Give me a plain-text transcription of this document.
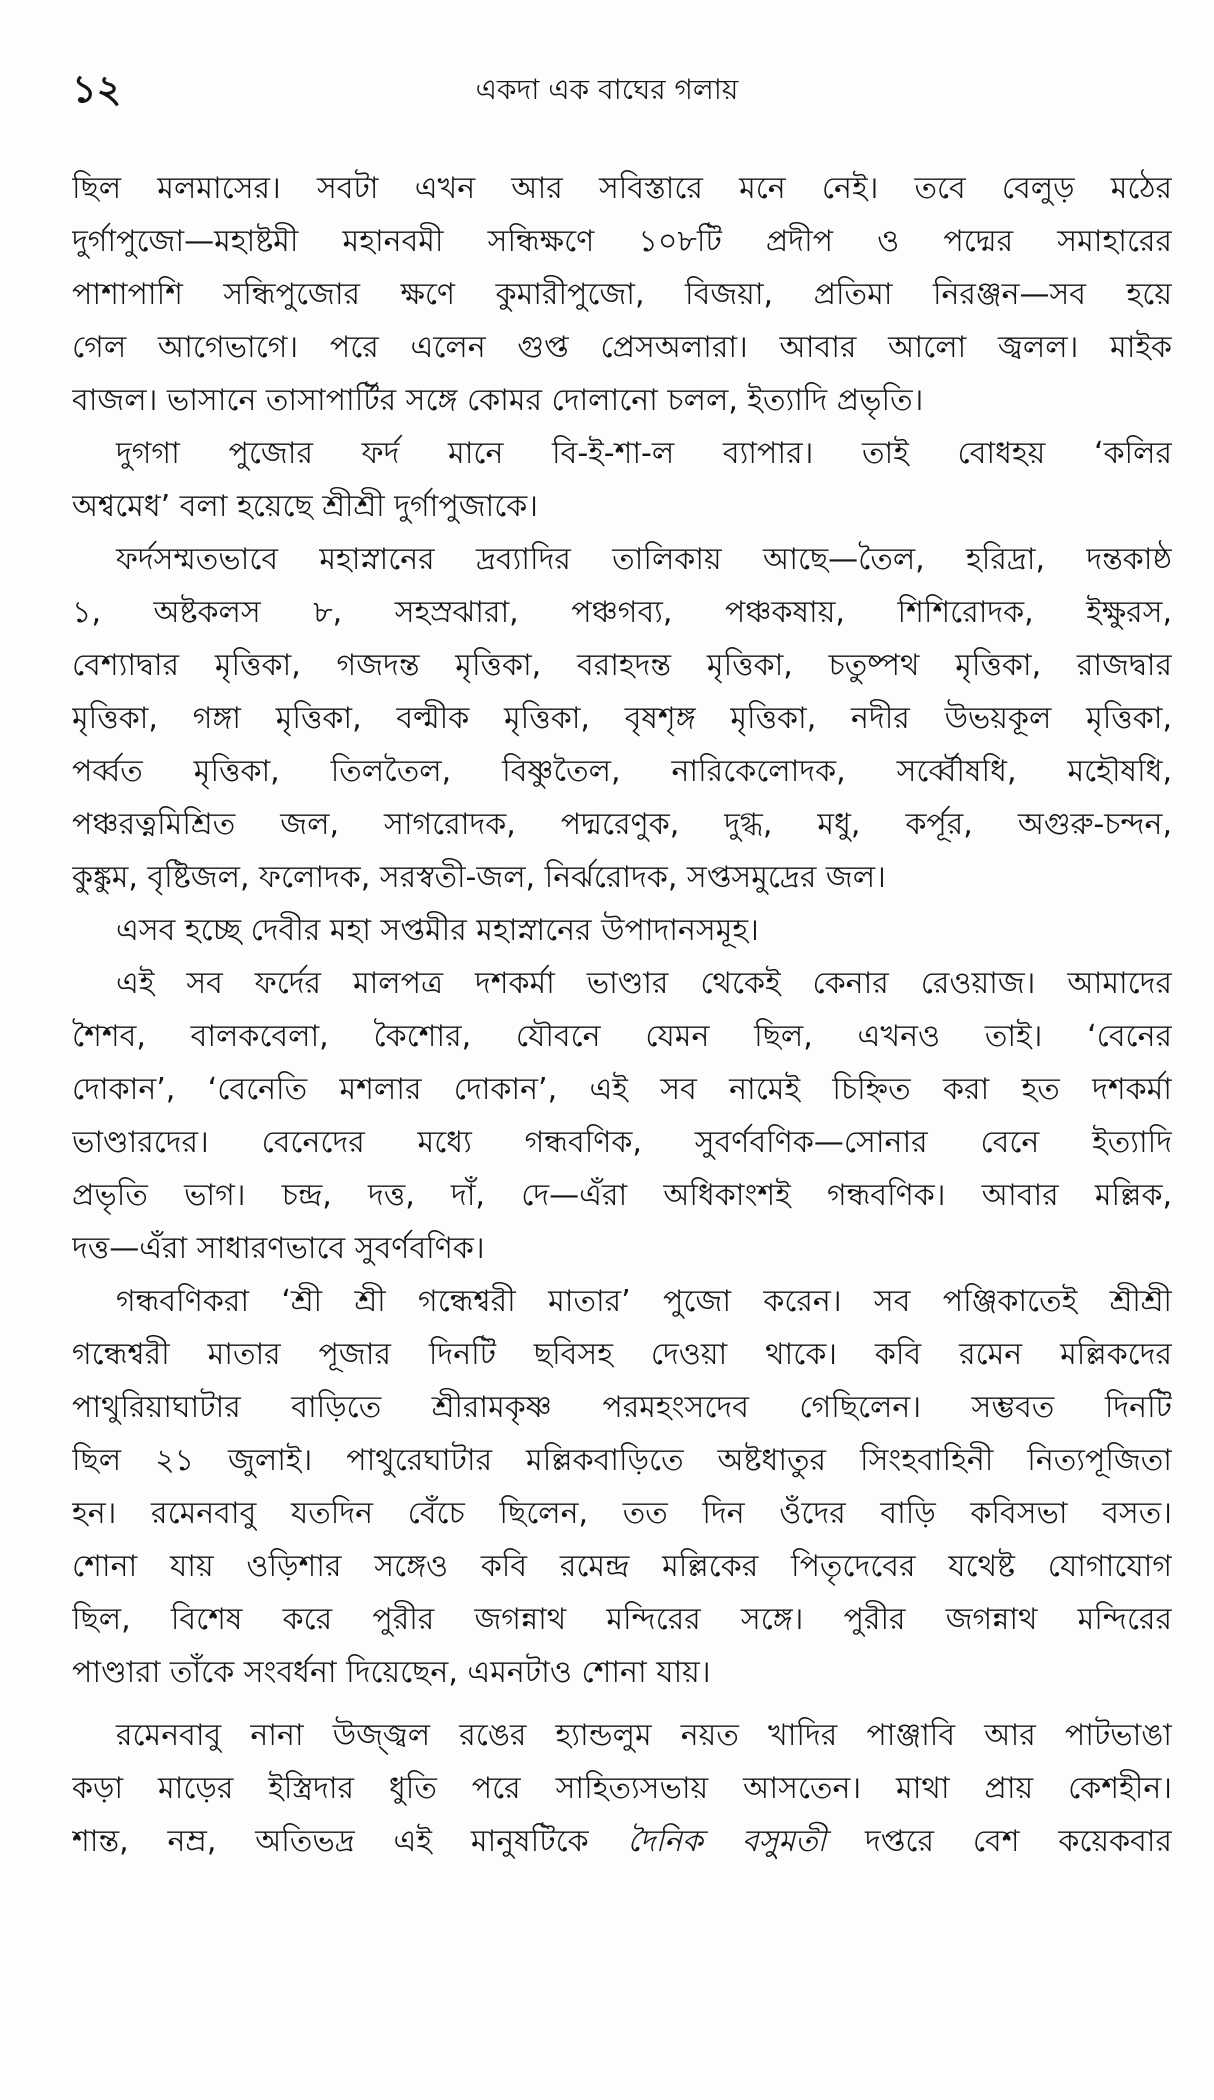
১২	একদা এক বাঘের গলায়
ছিল মলমাসের। সবটা এখন আর সবিস্তারে মনে নেই। তবে বেলুড় মঠের
দুর্গাপুজো—মহাষ্টমী মহানবমী সন্ধিক্ষণে ১০৮টি প্রদীপ ও পদ্মের সমাহারের
পাশাপাশি সন্ধিপুজোর ক্ষণে কুমারীপুজো, বিজয়া, প্রতিমা নিরঞ্জন—সব হয়ে
গেল আগেভাগে। পরে এলেন গুপ্ত প্রেসঅলারা। আবার আলো জ্বলল। মাইক
বাজল। ভাসানে তাসাপার্টির সঙ্গে কোমর দোলানো চলল, ইত্যাদি প্রভৃতি।
দুগগা পুজোর ফর্দ মানে বি-ই-শা-ল ব্যাপার। তাই বোধহয় ‘কলির
অশ্বমেধ’ বলা হয়েছে শ্রীশ্রী দুর্গাপুজাকে।
ফর্দসম্মতভাবে মহাস্নানের দ্রব্যাদির তালিকায় আছে—তৈল, হরিদ্রা, দন্তকাষ্ঠ
১, অষ্টকলস ৮, সহস্রঝারা, পঞ্চগব্য, পঞ্চকষায়, শিশিরোদক, ইক্ষুরস,
বেশ্যাদ্বার মৃত্তিকা, গজদন্ত মৃত্তিকা, বরাহদন্ত মৃত্তিকা, চতুষ্পথ মৃত্তিকা, রাজদ্বার
মৃত্তিকা, গঙ্গা মৃত্তিকা, বল্মীক মৃত্তিকা, বৃষশৃঙ্গ মৃত্তিকা, নদীর উভয়কূল মৃত্তিকা,
পর্ব্বত মৃত্তিকা, তিলতৈল, বিষ্ণুতৈল, নারিকেলোদক, সর্ব্বৌষধি, মহৌষধি,
পঞ্চরত্নমিশ্রিত জল, সাগরোদক, পদ্মরেণুক, দুগ্ধ, মধু, কর্পূর, অগুরু-চন্দন,
কুঙ্কুম, বৃষ্টিজল, ফলোদক, সরস্বতী-জল, নির্ঝরোদক, সপ্তসমুদ্রের জল।
এসব হচ্ছে দেবীর মহা সপ্তমীর মহাস্নানের উপাদানসমূহ।
এই সব ফর্দের মালপত্র দশকর্মা ভাণ্ডার থেকেই কেনার রেওয়াজ। আমাদের
শৈশব, বালকবেলা, কৈশোর, যৌবনে যেমন ছিল, এখনও তাই। ‘বেনের
দোকান’, ‘বেনেতি মশলার দোকান’, এই সব নামেই চিহ্নিত করা হত দশকর্মা
ভাণ্ডারদের। বেনেদের মধ্যে গন্ধবণিক, সুবর্ণবণিক—সোনার বেনে ইত্যাদি
প্রভৃতি ভাগ। চন্দ্র, দত্ত, দাঁ, দে—এঁরা অধিকাংশই গন্ধবণিক। আবার মল্লিক,
দত্ত—এঁরা সাধারণভাবে সুবর্ণবণিক।
গন্ধবণিকরা ‘শ্রী শ্রী গন্ধেশ্বরী মাতার’ পুজো করেন। সব পঞ্জিকাতেই শ্রীশ্রী
গন্ধেশ্বরী মাতার পূজার দিনটি ছবিসহ দেওয়া থাকে। কবি রমেন মল্লিকদের
পাথুরিয়াঘাটার বাড়িতে শ্রীরামকৃষ্ণ পরমহংসদেব গেছিলেন। সম্ভবত দিনটি
ছিল ২১ জুলাই। পাথুরেঘাটার মল্লিকবাড়িতে অষ্টধাতুর সিংহবাহিনী নিত্যপূজিতা
হন। রমেনবাবু যতদিন বেঁচে ছিলেন, তত দিন ওঁদের বাড়ি কবিসভা বসত।
শোনা যায় ওড়িশার সঙ্গেও কবি রমেন্দ্র মল্লিকের পিতৃদেবের যথেষ্ট যোগাযোগ
ছিল, বিশেষ করে পুরীর জগন্নাথ মন্দিরের সঙ্গে। পুরীর জগন্নাথ মন্দিরের
পাণ্ডারা তাঁকে সংবর্ধনা দিয়েছেন, এমনটাও শোনা যায়।
রমেনবাবু নানা উজ্জ্বল রঙের হ্যান্ডলুম নয়ত খাদির পাঞ্জাবি আর পাটভাঙা
কড়া মাড়ের ইস্ত্রিদার ধুতি পরে সাহিত্যসভায় আসতেন। মাথা প্রায় কেশহীন।
শান্ত, নম্র, অতিভদ্র এই মানুষটিকে দৈনিক বসুমতী দপ্তরে বেশ কয়েকবার
